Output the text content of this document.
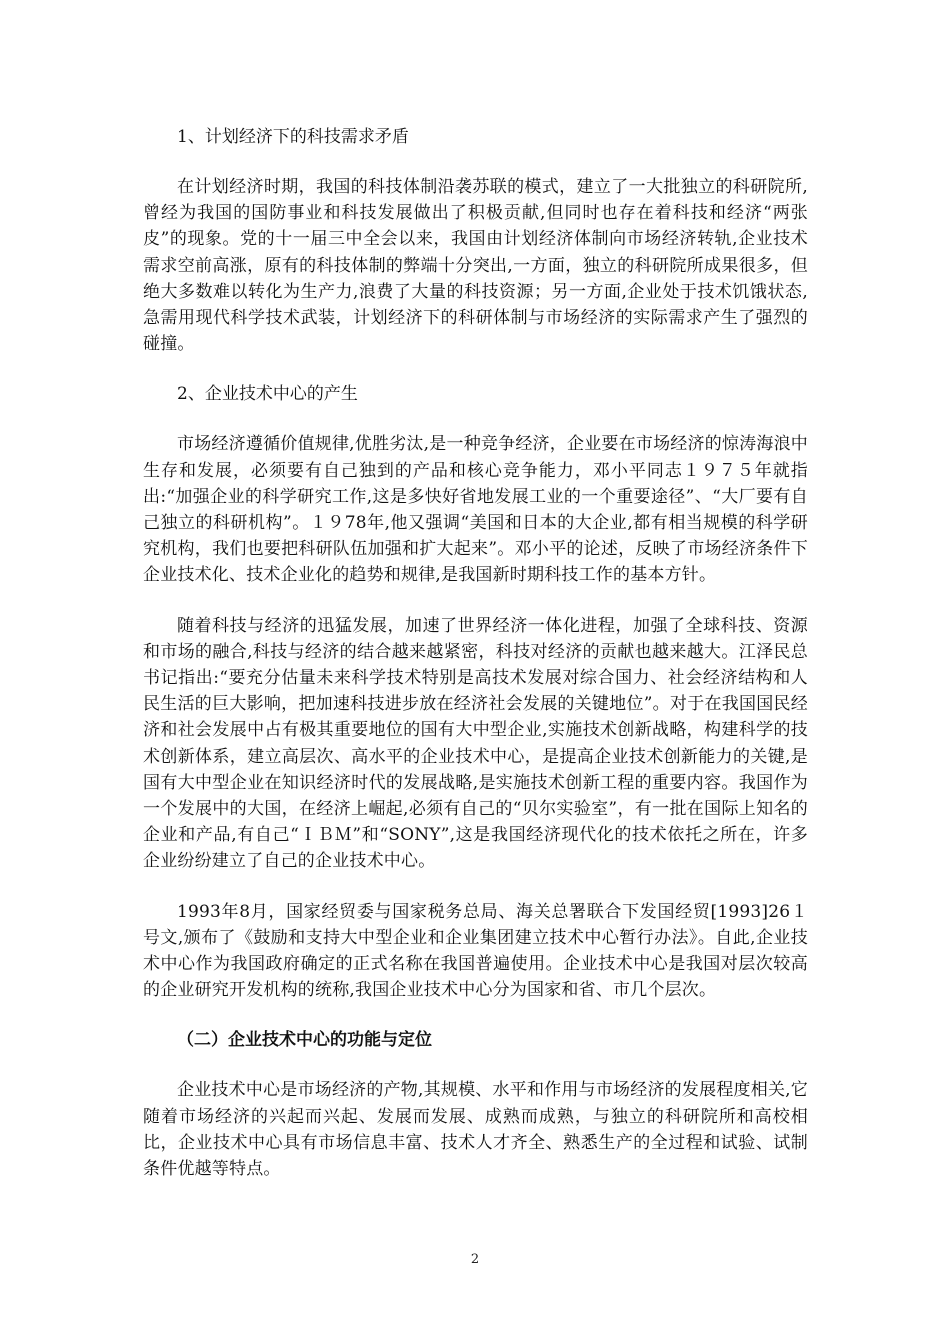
1、计划经济下的科技需求矛盾

在计划经济时期，我国的科技体制沿袭苏联的模式，建立了一大批独立的科研院所,曾经为我国的国防事业和科技发展做出了积极贡献,但同时也存在着科技和经济“两张皮”的现象。党的十一届三中全会以来，我国由计划经济体制向市场经济转轨,企业技术需求空前高涨，原有的科技体制的弊端十分突出,一方面，独立的科研院所成果很多，但绝大多数难以转化为生产力,浪费了大量的科技资源；另一方面,企业处于技术饥饿状态,急需用现代科学技术武装，计划经济下的科研体制与市场经济的实际需求产生了强烈的碰撞。

2、企业技术中心的产生

市场经济遵循价值规律,优胜劣汰,是一种竞争经济，企业要在市场经济的惊涛海浪中生存和发展，必须要有自己独到的产品和核心竞争能力，邓小平同志１９７５年就指出:“加强企业的科学研究工作,这是多快好省地发展工业的一个重要途径”、“大厂要有自己独立的科研机构”。１９78年,他又强调“美国和日本的大企业,都有相当规模的科学研究机构，我们也要把科研队伍加强和扩大起来”。邓小平的论述，反映了市场经济条件下企业技术化、技术企业化的趋势和规律,是我国新时期科技工作的基本方针。

随着科技与经济的迅猛发展，加速了世界经济一体化进程，加强了全球科技、资源和市场的融合,科技与经济的结合越来越紧密，科技对经济的贡献也越来越大。江泽民总书记指出:“要充分估量未来科学技术特别是高技术发展对综合国力、社会经济结构和人民生活的巨大影响，把加速科技进步放在经济社会发展的关键地位”。对于在我国国民经济和社会发展中占有极其重要地位的国有大中型企业,实施技术创新战略，构建科学的技术创新体系，建立高层次、高水平的企业技术中心，是提高企业技术创新能力的关键,是国有大中型企业在知识经济时代的发展战略,是实施技术创新工程的重要内容。我国作为一个发展中的大国，在经济上崛起,必须有自己的“贝尔实验室”，有一批在国际上知名的企业和产品,有自己“ＩＢＭ”和“SONY”,这是我国经济现代化的技术依托之所在，许多企业纷纷建立了自己的企业技术中心。

1993年8月，国家经贸委与国家税务总局、海关总署联合下发国经贸[1993]26１号文,颁布了《鼓励和支持大中型企业和企业集团建立技术中心暂行办法》。自此,企业技术中心作为我国政府确定的正式名称在我国普遍使用。企业技术中心是我国对层次较高的企业研究开发机构的统称,我国企业技术中心分为国家和省、市几个层次。

（二）企业技术中心的功能与定位

企业技术中心是市场经济的产物,其规模、水平和作用与市场经济的发展程度相关,它随着市场经济的兴起而兴起、发展而发展、成熟而成熟，与独立的科研院所和高校相比，企业技术中心具有市场信息丰富、技术人才齐全、熟悉生产的全过程和试验、试制条件优越等特点。

2
